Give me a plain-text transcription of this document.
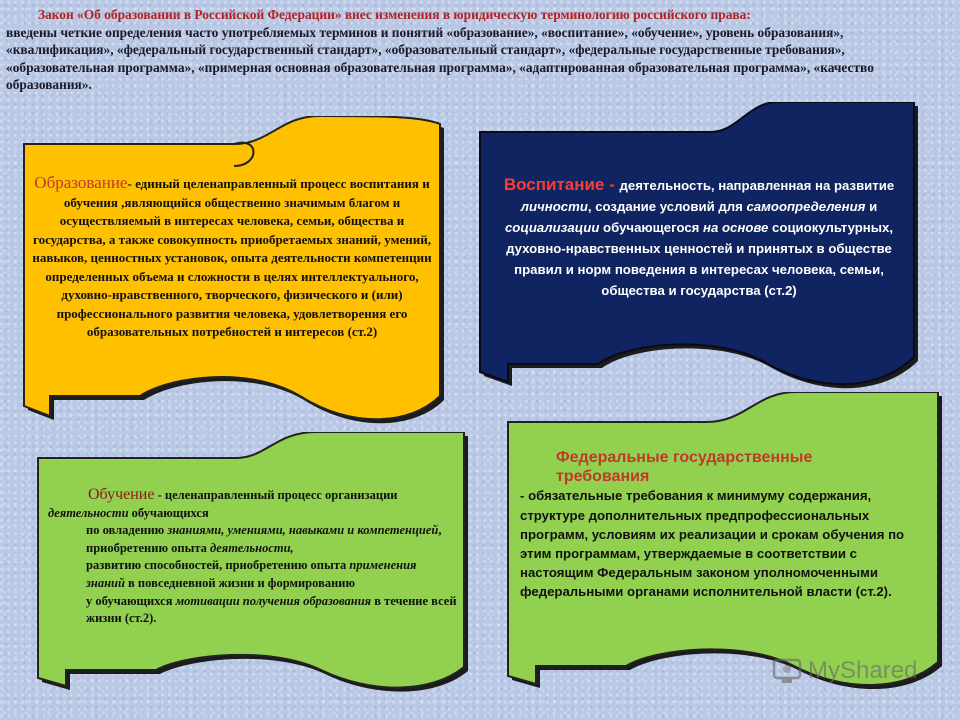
Закон «Об образовании в Российской Федерации» внес изменения в юридическую терминологию российского права:
введены четкие определения часто употребляемых терминов и понятий «образование», «воспитание», «обучение», уровень образования», «квалификация», «федеральный государственный стандарт», «образовательный стандарт», «федеральные государственные требования», «образовательная программа», «примерная основная образовательная программа», «адаптированная образовательная программа», «качество образования».
Образование- единый целенаправленный процесс воспитания и обучения ,являющийся общественно значимым благом и осуществляемый в интересах человека, семьи, общества и государства, а также совокупность приобретаемых знаний, умений, навыков, ценностных установок, опыта деятельности компетенции определенных объема и сложности в целях интеллектуального, духовно-нравственного, творческого, физического и (или) профессионального развития человека, удовлетворения его образовательных потребностей и интересов (ст.2)
Воспитание - деятельность, направленная на развитие личности, создание условий для самоопределения и социализации обучающегося на основе социокультурных, духовно-нравственных ценностей и принятых в обществе правил и норм поведения в интересах человека, семьи, общества и государства (ст.2)
Обучение - целенаправленный процесс организации деятельности обучающихся
по овладению знаниями, умениями, навыками и компетенцией, приобретению опыта деятельности,
развитию способностей, приобретению опыта применения знаний в повседневной жизни и формированию
у обучающихся мотивации получения образования в течение всей жизни (ст.2).
Федеральные государственные требования - обязательные требования к минимуму содержания, структуре дополнительных предпрофессиональных программ, условиям их реализации и срокам обучения по этим программам, утверждаемые в соответствии с настоящим Федеральным законом уполномоченными федеральными органами исполнительной власти (ст.2).
MyShared
